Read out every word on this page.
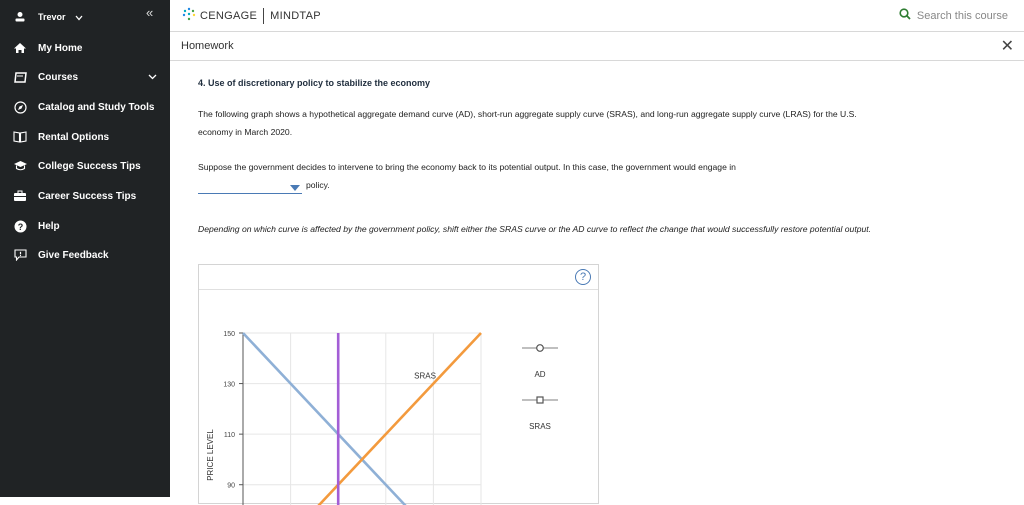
Trevor	«
My Home
Courses
Catalog and Study Tools
Rental Options
College Success Tips
Career Success Tips
? Help
Give Feedback
CENGAGE MINDTAP	Search this course
Homework	✕
4. Use of discretionary policy to stabilize the economy
The following graph shows a hypothetical aggregate demand curve (AD), short-run aggregate supply curve (SRAS), and long-run aggregate supply curve (LRAS) for the U.S. economy in March 2020.
Suppose the government decides to intervene to bring the economy back to its potential output. In this case, the government would engage in

policy.
Depending on which curve is affected by the government policy, shift either the SRAS curve or the AD curve to reflect the change that would successfully restore potential output.
?
90
110
130
150
PRICE LEVEL
SRAS	AD
SRAS
